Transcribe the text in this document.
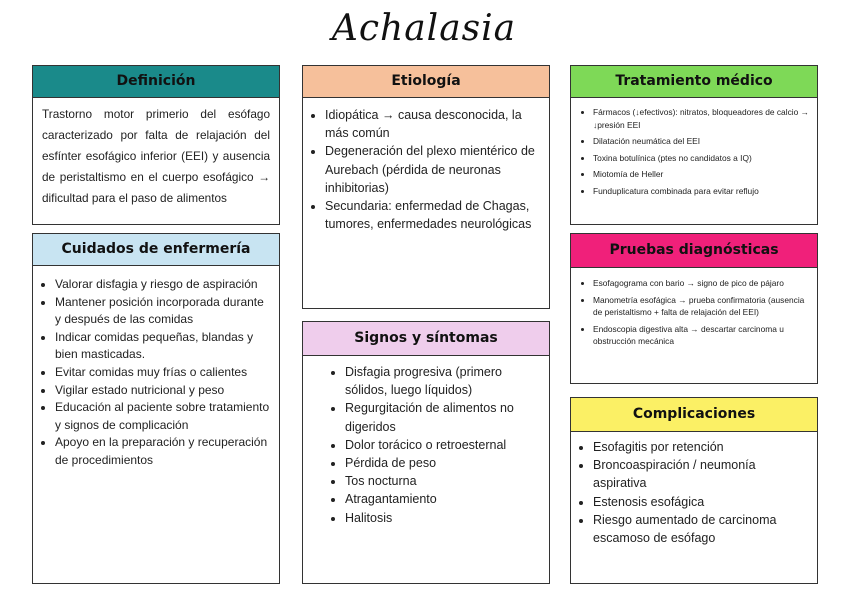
Achalasia
Definición

Trastorno motor primerio del esófago caracterizado por falta de relajación del esfínter esofágico inferior (EEI) y ausencia de peristaltismo en el cuerpo esofágico → dificultad para el paso de alimentos

Cuidados de enfermería
• Valorar disfagia y riesgo de aspiración
• Mantener posición incorporada durante y después de las comidas
• Indicar comidas pequeñas, blandas y bien masticadas.
• Evitar comidas muy frías o calientes
• Vigilar estado nutricional y peso
• Educación al paciente sobre tratamiento y signos de complicación
• Apoyo en la preparación y recuperación de procedimientos
Etiología
• Idiopática → causa desconocida, la más común
• Degeneración del plexo mientérico de Aurebach (pérdida de neuronas inhibitorias)
• Secundaria: enfermedad de Chagas, tumores, enfermedades neurológicas
Signos y síntomas
• Disfagia progresiva (primero sólidos, luego líquidos)
• Regurgitación de alimentos no digeridos
• Dolor torácico o retroesternal
• Pérdida de peso
• Tos nocturna
• Atragantamiento
• Halitosis
Tratamiento médico
• Fármacos (↓efectivos): nitratos, bloqueadores de calcio → ↓presión EEI
• Dilatación neumática del EEI
• Toxina botulínica (ptes no candidatos a IQ)
• Miotomía de Heller
• Funduplicatura combinada para evitar reflujo
Pruebas diagnósticas
• Esofagograma con bario → signo de pico de pájaro
• Manometría esofágica → prueba confirmatoria (ausencia de peristaltismo + falta de relajación del EEI)
• Endoscopia digestiva alta → descartar carcinoma u obstrucción mecánica
Complicaciones
• Esofagitis por retención
• Broncoaspiración / neumonía aspirativa
• Estenosis esofágica
• Riesgo aumentado de carcinoma escamoso de esófago
